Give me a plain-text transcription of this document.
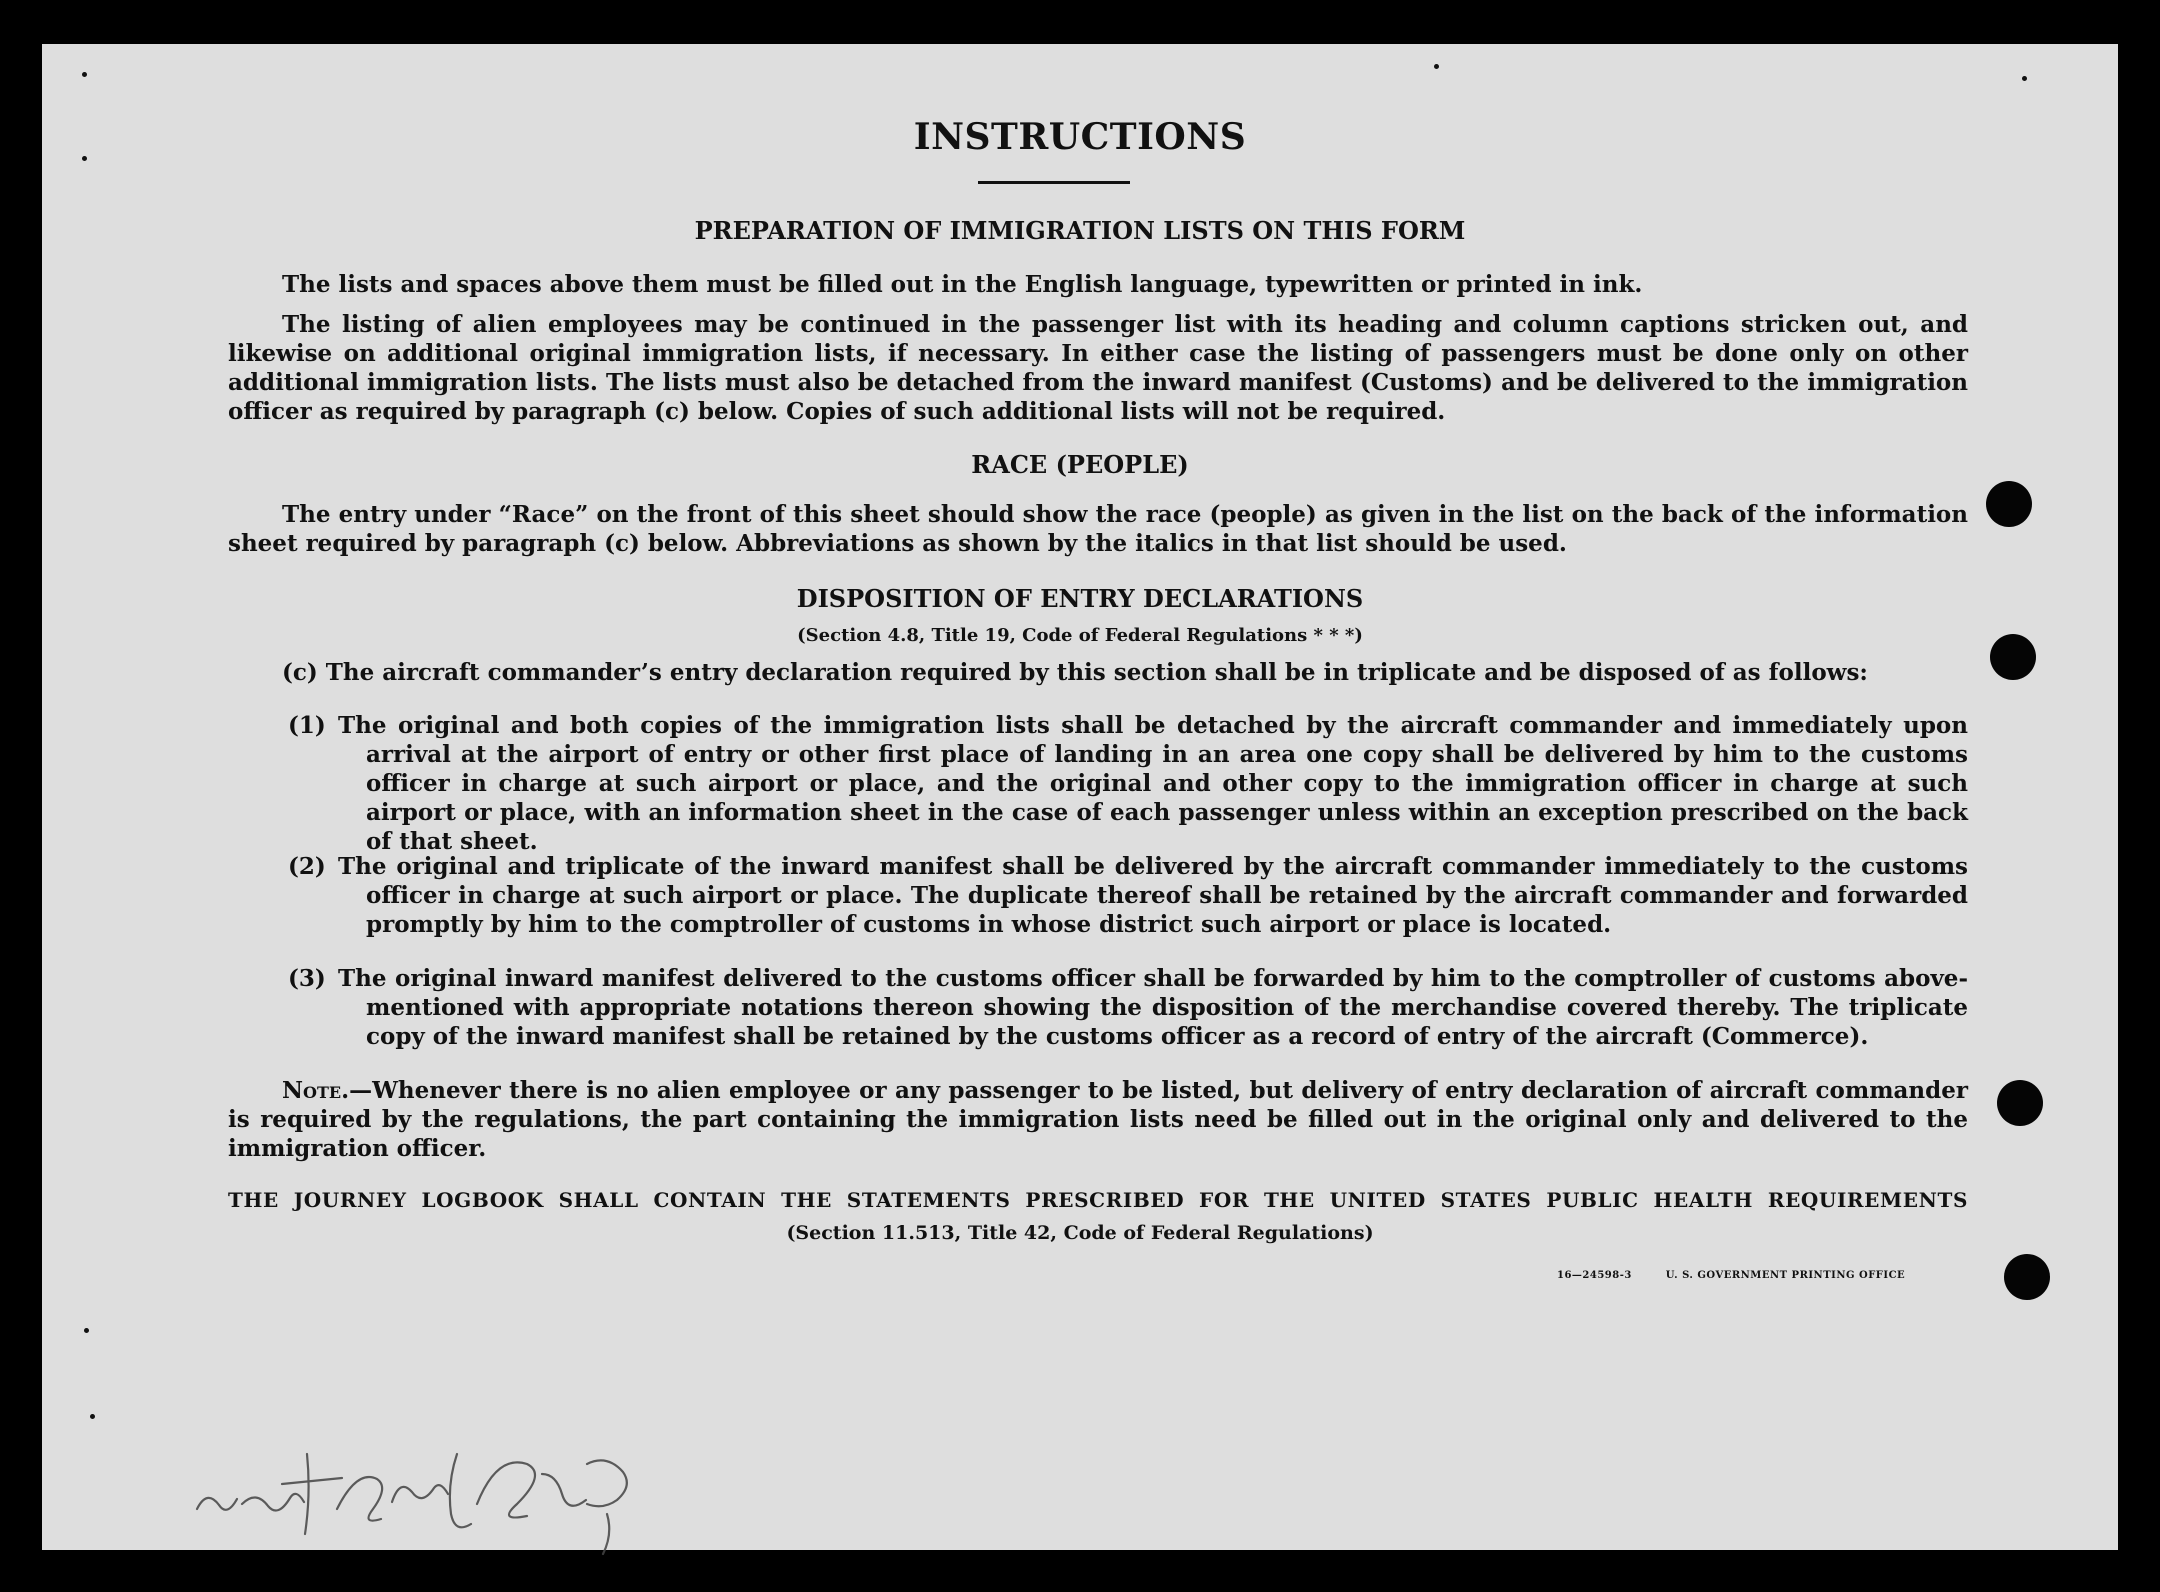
INSTRUCTIONS
PREPARATION OF IMMIGRATION LISTS ON THIS FORM

The lists and spaces above them must be filled out in the English language, typewritten or printed in ink.

The listing of alien employees may be continued in the passenger list with its heading and column captions stricken out, and likewise on additional original immigration lists, if necessary. In either case the listing of passengers must be done only on other additional immigration lists. The lists must also be detached from the inward manifest (Customs) and be delivered to the immigration officer as required by paragraph (c) below. Copies of such additional lists will not be required.

RACE (PEOPLE)

The entry under “Race” on the front of this sheet should show the race (people) as given in the list on the back of the information sheet required by paragraph (c) below. Abbreviations as shown by the italics in that list should be used.

DISPOSITION OF ENTRY DECLARATIONS
(Section 4.8, Title 19, Code of Federal Regulations * * *)

(c) The aircraft commander’s entry declaration required by this section shall be in triplicate and be disposed of as follows:

(1) The original and both copies of the immigration lists shall be detached by the aircraft commander and immediately upon arrival at the airport of entry or other first place of landing in an area one copy shall be delivered by him to the customs officer in charge at such airport or place, and the original and other copy to the immigration officer in charge at such airport or place, with an information sheet in the case of each passenger unless within an exception prescribed on the back of that sheet.
(2) The original and triplicate of the inward manifest shall be delivered by the aircraft commander immediately to the customs officer in charge at such airport or place. The duplicate thereof shall be retained by the aircraft commander and forwarded promptly by him to the comptroller of customs in whose district such airport or place is located.
(3) The original inward manifest delivered to the customs officer shall be forwarded by him to the comptroller of customs above-mentioned with appropriate notations thereon showing the disposition of the merchandise covered thereby. The triplicate copy of the inward manifest shall be retained by the customs officer as a record of entry of the aircraft (Commerce).

Note.—Whenever there is no alien employee or any passenger to be listed, but delivery of entry declaration of aircraft commander is required by the regulations, the part containing the immigration lists need be filled out in the original only and delivered to the immigration officer.

THE JOURNEY LOGBOOK SHALL CONTAIN THE STATEMENTS PRESCRIBED FOR THE UNITED STATES PUBLIC HEALTH REQUIREMENTS
(Section 11.513, Title 42, Code of Federal Regulations)
16—24598-3	U. S. GOVERNMENT PRINTING OFFICE
